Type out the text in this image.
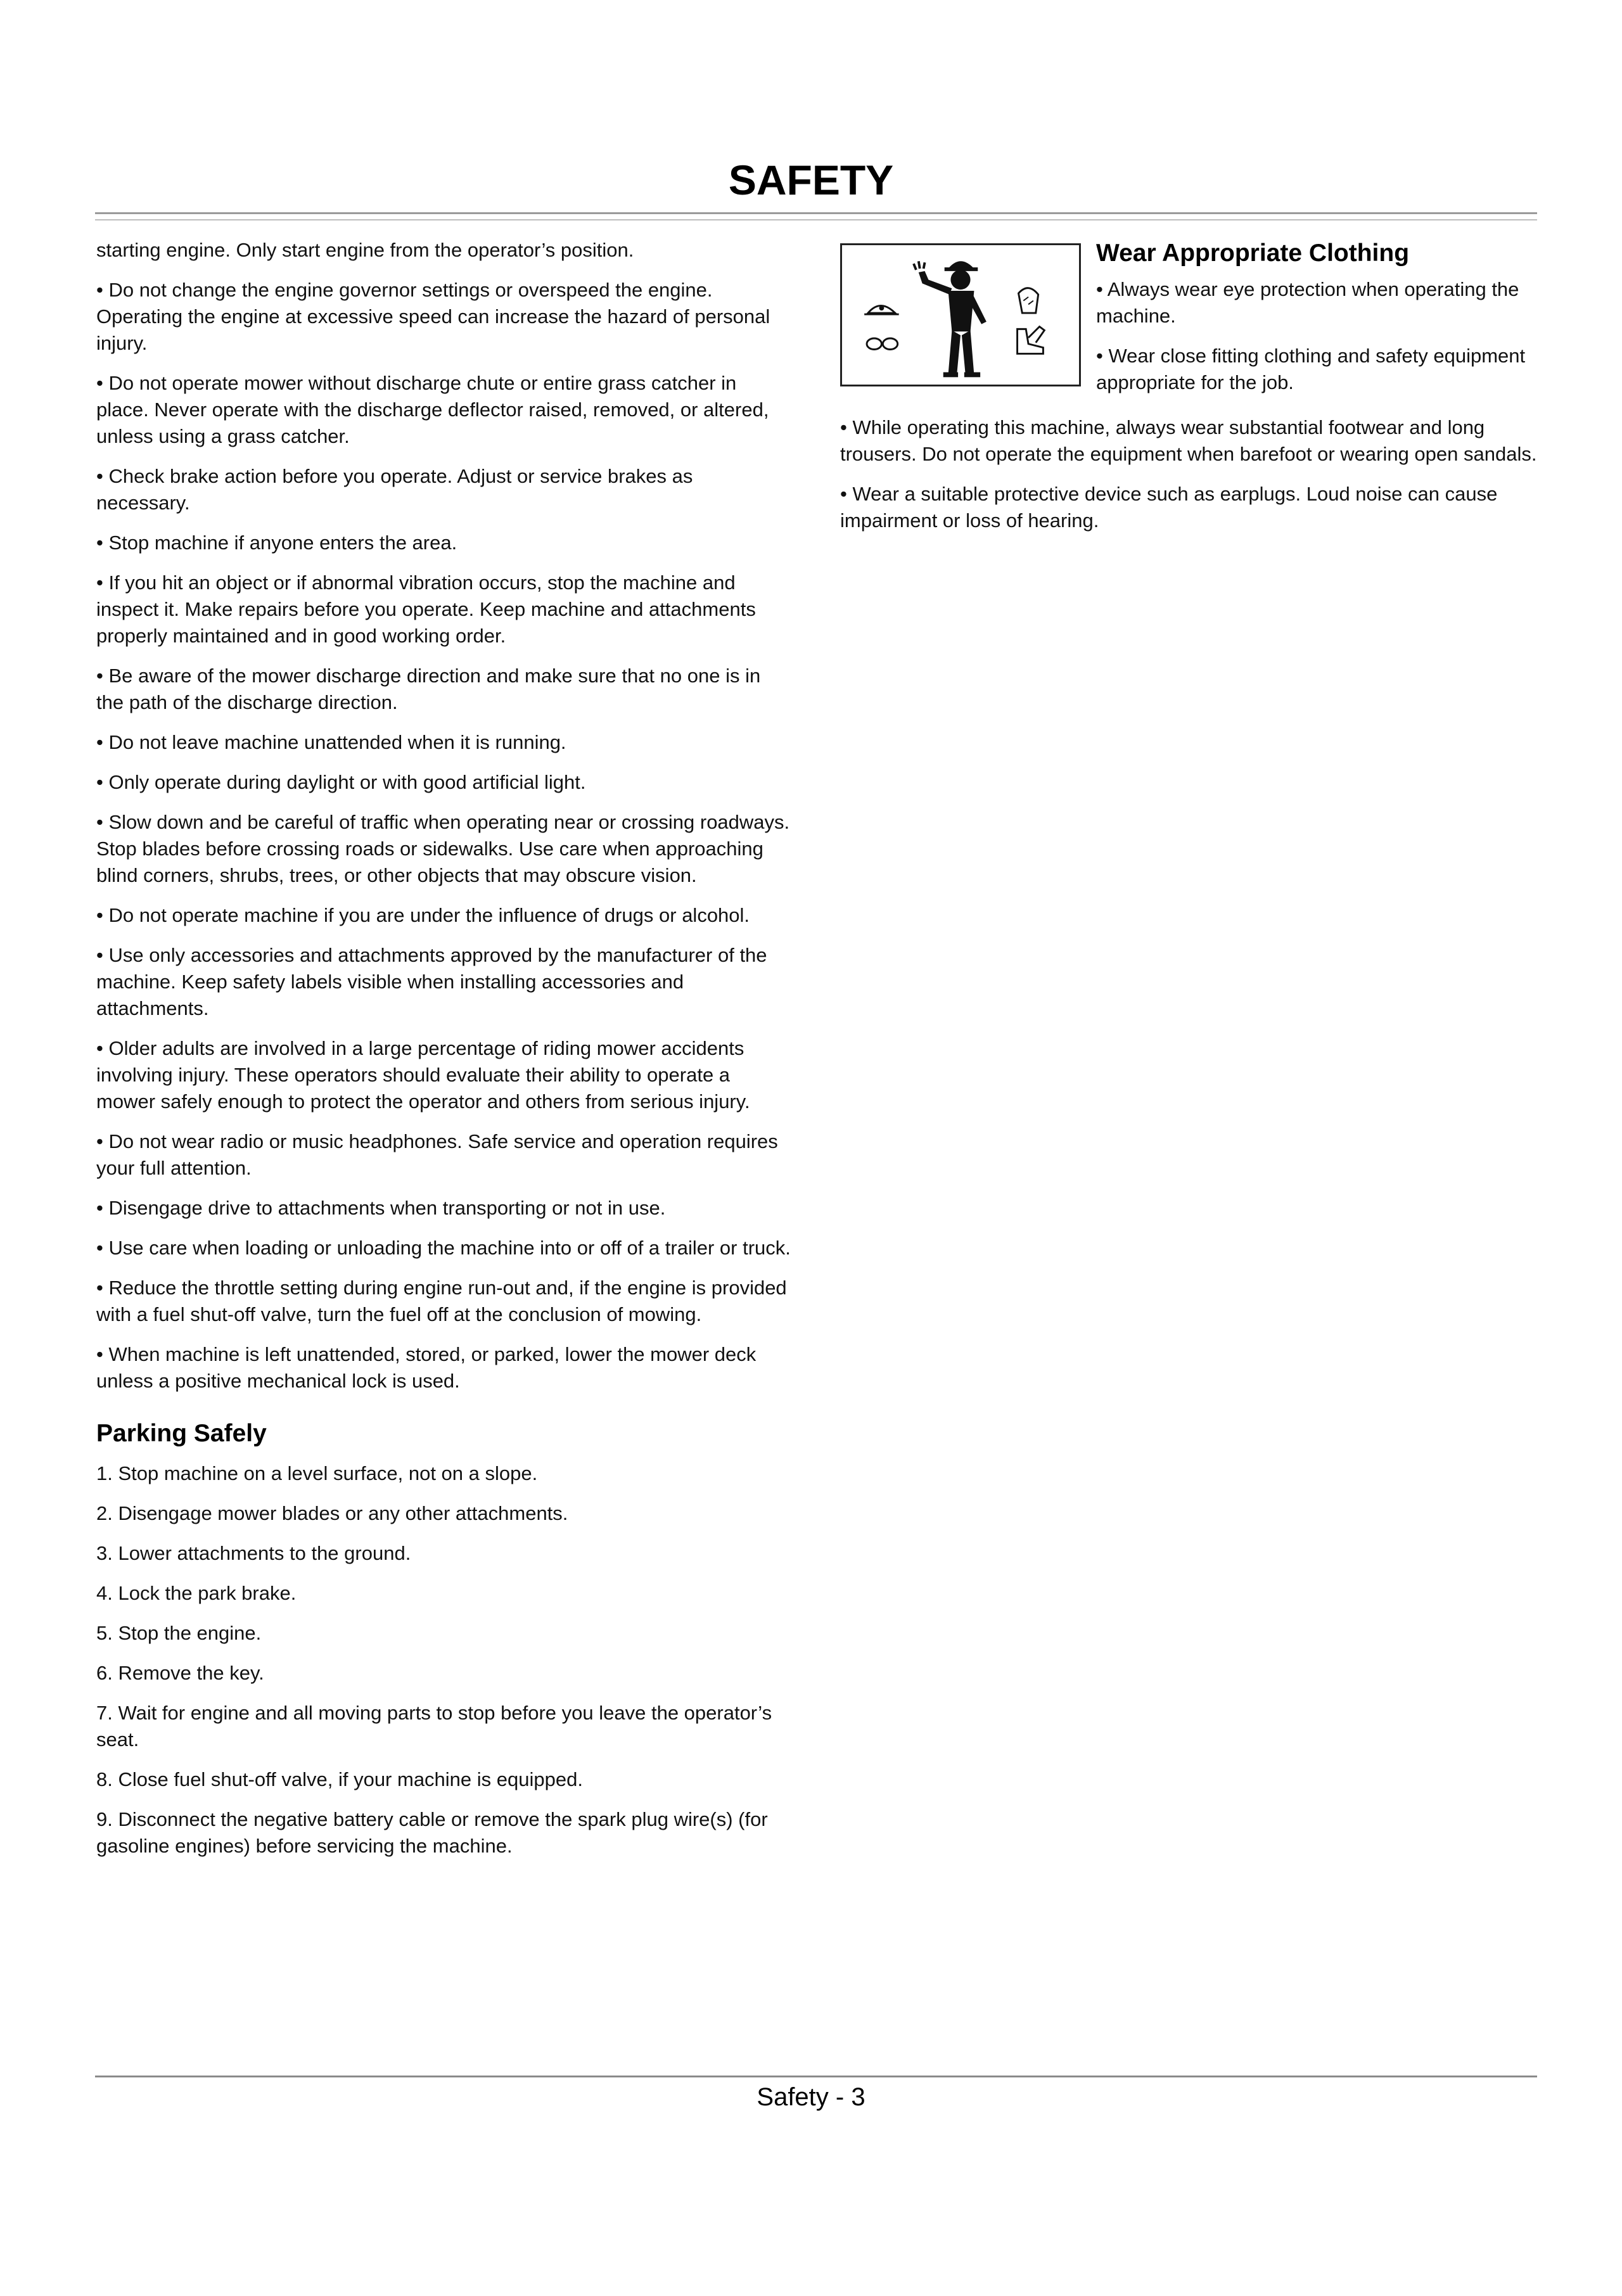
SAFETY

starting engine. Only start engine from the operator’s position.

• Do not change the engine governor settings or overspeed the engine. Operating the engine at excessive speed can increase the hazard of personal injury.

• Do not operate mower without discharge chute or entire grass catcher in place. Never operate with the discharge deflector raised, removed, or altered, unless using a grass catcher.

• Check brake action before you operate. Adjust or service brakes as necessary.

• Stop machine if anyone enters the area.

• If you hit an object or if abnormal vibration occurs, stop the machine and inspect it. Make repairs before you operate. Keep machine and attachments properly maintained and in good working order.

• Be aware of the mower discharge direction and make sure that no one is in the path of the discharge direction.

• Do not leave machine unattended when it is running.

• Only operate during daylight or with good artificial light.

• Slow down and be careful of traffic when operating near or crossing roadways. Stop blades before crossing roads or sidewalks. Use care when approaching blind corners, shrubs, trees, or other objects that may obscure vision.

• Do not operate machine if you are under the influence of drugs or alcohol.

• Use only accessories and attachments approved by the manufacturer of the machine. Keep safety labels visible when installing accessories and attachments.

• Older adults are involved in a large percentage of riding mower accidents involving injury. These operators should evaluate their ability to operate a mower safely enough to protect the operator and others from serious injury.

• Do not wear radio or music headphones. Safe service and operation requires your full attention.

• Disengage drive to attachments when transporting or not in use.

• Use care when loading or unloading the machine into or off of a trailer or truck.

• Reduce the throttle setting during engine run-out and, if the engine is provided with a fuel shut-off valve, turn the fuel off at the conclusion of mowing.

• When machine is left unattended, stored, or parked, lower the mower deck unless a positive mechanical lock is used.

Parking Safely

1. Stop machine on a level surface, not on a slope.

2. Disengage mower blades or any other attachments.

3. Lower attachments to the ground.

4. Lock the park brake.

5. Stop the engine.

6. Remove the key.

7. Wait for engine and all moving parts to stop before you leave the operator’s seat.

8. Close fuel shut-off valve, if your machine is equipped.

9. Disconnect the negative battery cable or remove the spark plug wire(s) (for gasoline engines) before servicing the machine.

Wear Appropriate Clothing

• Always wear eye protection when operating the machine.

• Wear close fitting clothing and safety equipment appropriate for the job.

• While operating this machine, always wear substantial footwear and long trousers. Do not operate the equipment when barefoot or wearing open sandals.

• Wear a suitable protective device such as earplugs. Loud noise can cause impairment or loss of hearing.

Safety - 3
